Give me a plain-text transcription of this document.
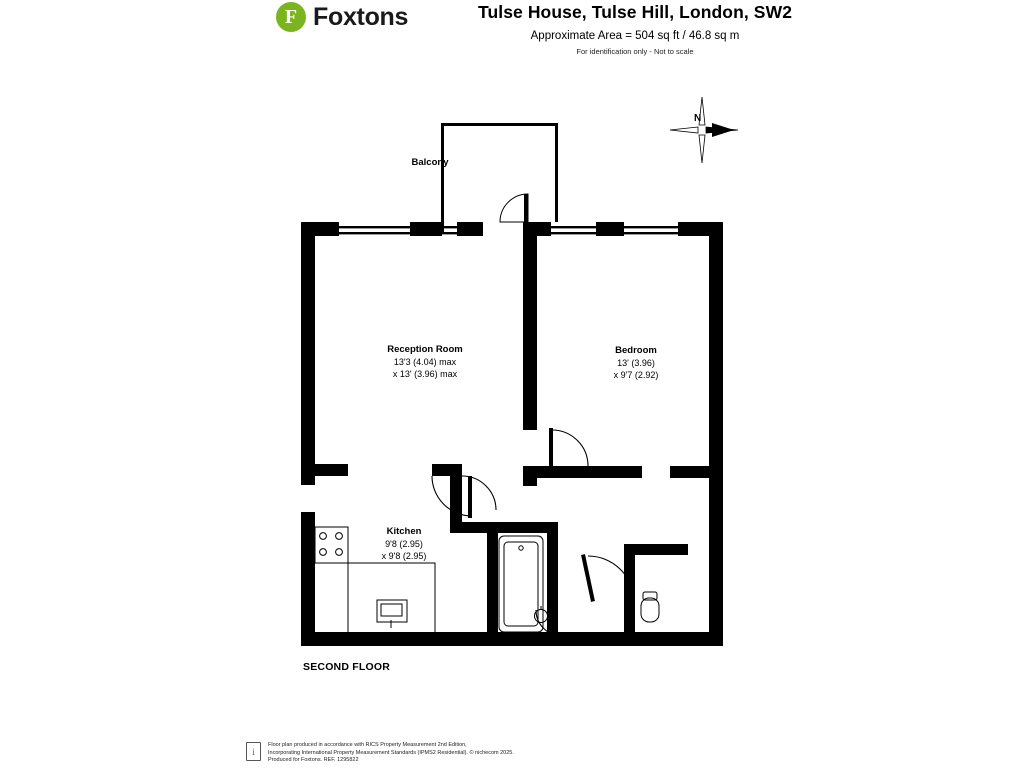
F Foxtons	Tulse House, Tulse Hill, London, SW2
Approximate Area = 504 sq ft / 46.8 sq m
For identification only - Not to scale
N
Balcony
Reception Room
13'3 (4.04) max
x 13' (3.96) max
Bedroom
13' (3.96)
x 9'7 (2.92)
Kitchen
9'8 (2.95)
x 9'8 (2.95)
SECOND FLOOR
i
Floor plan produced in accordance with RICS Property Measurement 2nd Edition,
Incorporating International Property Measurement Standards (IPMS2 Residential). © nichecom 2025.
Produced for Foxtons. REF. 1295822
